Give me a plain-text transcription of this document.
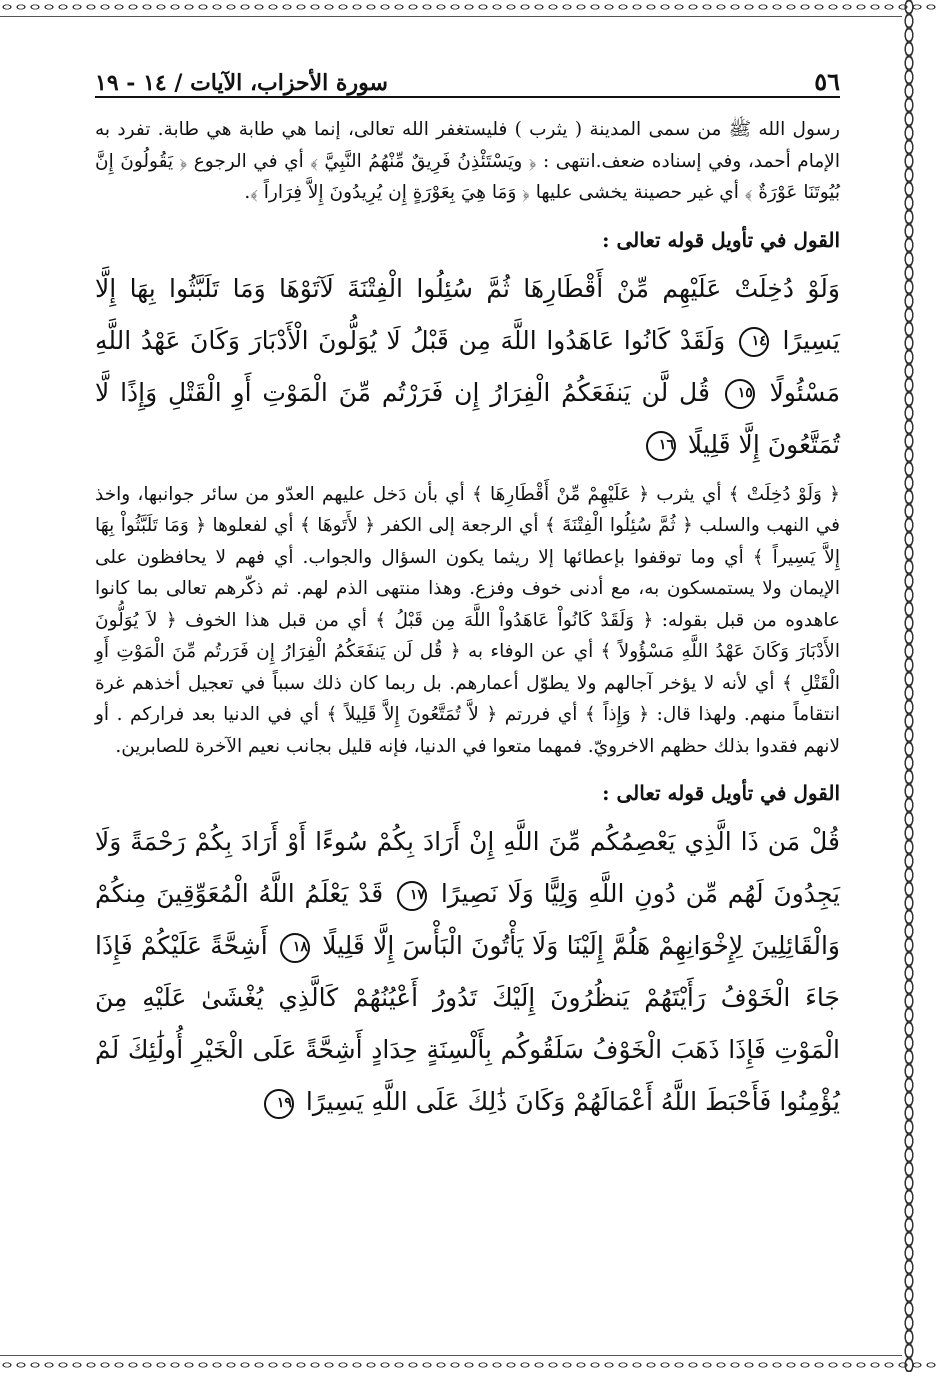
٥٦
سورة الأحزاب، الآيات / ١٤ - ١٩

رسول الله ﷺ من سمى المدينة ( يثرب ) فليستغفر الله تعالى، إنما هي طابة هي طابة. تفرد به الإمام أحمد، وفي إسناده ضعف.انتهى : ﴿ ويَسْتَئْذِنُ فَرِيقٌ مِّنْهُمُ النَّبِيَّ ﴾ أي في الرجوع ﴿ يَقُولُونَ إِنَّ بُيُوتَنَا عَوْرَةٌ ﴾ أي غير حصينة يخشى عليها ﴿ وَمَا هِيَ بِعَوْرَةٍ إِن يُرِيدُونَ إِلاَّ فِرَاراً ﴾.

القول في تأويل قوله تعالى :
وَلَوْ دُخِلَتْ عَلَيْهِم مِّنْ أَقْطَارِهَا ثُمَّ سُئِلُوا الْفِتْنَةَ لَآتَوْهَا وَمَا تَلَبَّثُوا بِهَا إِلَّا يَسِيرًا ١٤ وَلَقَدْ كَانُوا عَاهَدُوا اللَّهَ مِن قَبْلُ لَا يُوَلُّونَ الْأَدْبَارَ وَكَانَ عَهْدُ اللَّهِ مَسْئُولًا ١٥ قُل لَّن يَنفَعَكُمُ الْفِرَارُ إِن فَرَرْتُم مِّنَ الْمَوْتِ أَوِ الْقَتْلِ وَإِذًا لَّا تُمَتَّعُونَ إِلَّا قَلِيلًا ١٦

﴿ وَلَوْ دُخِلَتْ ﴾ أي يثرب ﴿ عَلَيْهِمْ مِّنْ أَقْطَارِهَا ﴾ أي بأن دَخل عليهم العدّو من سائر جوانبها، واخذ في النهب والسلب ﴿ ثُمَّ سُئِلُوا الْفِتْنَةَ ﴾ أي الرجعة إلى الكفر ﴿ لأَتَوهَا ﴾ أي لفعلوها ﴿ وَمَا تَلَبَّثُواْ بِهَا إِلاَّ يَسِيراً ﴾ أي وما توقفوا بإعطائها إلا ريثما يكون السؤال والجواب. أي فهم لا يحافظون على الإيمان ولا يستمسكون به، مع أدنى خوف وفزع. وهذا منتهى الذم لهم. ثم ذكّرهم تعالى بما كانوا عاهدوه من قبل بقوله: ﴿ وَلَقَدْ كَانُواْ عَاهَدُواْ اللَّهَ مِن قَبْلُ ﴾ أي من قبل هذا الخوف ﴿ لاَ يُوَلُّونَ الأَدْبَارَ وَكَانَ عَهْدُ اللَّهِ مَسْؤُولاً ﴾ أي عن الوفاء به ﴿ قُل لَن يَنفَعَكُمُ الْفِرَارُ إِن فَرَرتُم مِّنَ الْمَوْتِ أَوِ الْقَتْلِ ﴾ أي لأنه لا يؤخر آجالهم ولا يطوّل أعمارهم. بل ربما كان ذلك سبباً في تعجيل أخذهم غرة انتقاماً منهم. ولهذا قال: ﴿ وَإِذاً ﴾ أي فررتم ﴿ لاَّ تُمَتَّعُونَ إِلاَّ قَلِيلاً ﴾ أي في الدنيا بعد فراركم . أو لانهم فقدوا بذلك حظهم الاخرويّ. فمهما متعوا في الدنيا، فإنه قليل بجانب نعيم الآخرة للصابرين.

القول في تأويل قوله تعالى :
قُلْ مَن ذَا الَّذِي يَعْصِمُكُم مِّنَ اللَّهِ إِنْ أَرَادَ بِكُمْ سُوءًا أَوْ أَرَادَ بِكُمْ رَحْمَةً وَلَا يَجِدُونَ لَهُم مِّن دُونِ اللَّهِ وَلِيًّا وَلَا نَصِيرًا ١٧ قَدْ يَعْلَمُ اللَّهُ الْمُعَوِّقِينَ مِنكُمْ وَالْقَائِلِينَ لِإِخْوَانِهِمْ هَلُمَّ إِلَيْنَا وَلَا يَأْتُونَ الْبَأْسَ إِلَّا قَلِيلًا ١٨ أَشِحَّةً عَلَيْكُمْ فَإِذَا جَاءَ الْخَوْفُ رَأَيْتَهُمْ يَنظُرُونَ إِلَيْكَ تَدُورُ أَعْيُنُهُمْ كَالَّذِي يُغْشَىٰ عَلَيْهِ مِنَ الْمَوْتِ فَإِذَا ذَهَبَ الْخَوْفُ سَلَقُوكُم بِأَلْسِنَةٍ حِدَادٍ أَشِحَّةً عَلَى الْخَيْرِ أُولَٰئِكَ لَمْ يُؤْمِنُوا فَأَحْبَطَ اللَّهُ أَعْمَالَهُمْ وَكَانَ ذَٰلِكَ عَلَى اللَّهِ يَسِيرًا ١٩
